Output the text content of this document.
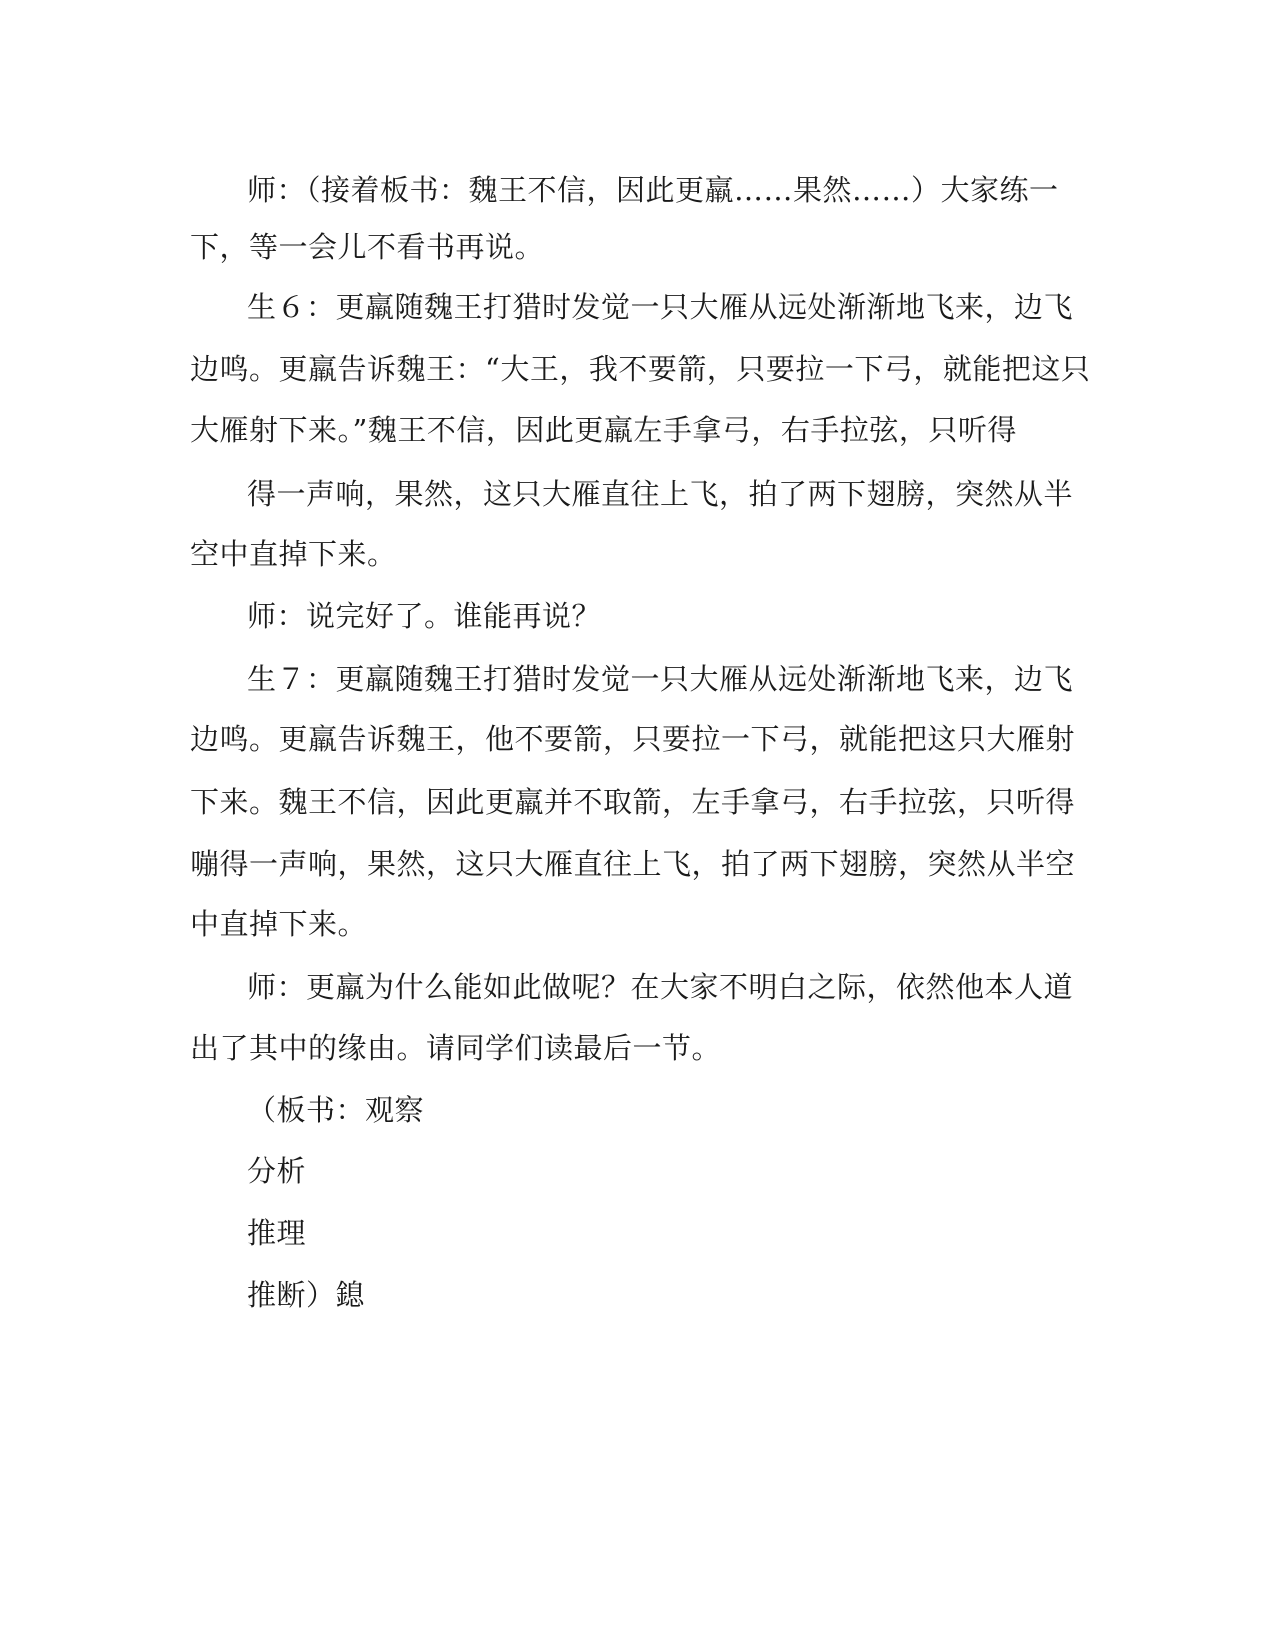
师：（接着板书：魏王不信，因此更羸……果然……）大家练一
下，等一会儿不看书再说。
生６：更羸随魏王打猎时发觉一只大雁从远处渐渐地飞来，边飞
边鸣。更羸告诉魏王：“大王，我不要箭，只要拉一下弓，就能把这只
大雁射下来。”魏王不信，因此更羸左手拿弓，右手拉弦，只听得
得一声响，果然，这只大雁直往上飞，拍了两下翅膀，突然从半
空中直掉下来。
师：说完好了。谁能再说？
生７：更羸随魏王打猎时发觉一只大雁从远处渐渐地飞来，边飞
边鸣。更羸告诉魏王，他不要箭，只要拉一下弓，就能把这只大雁射
下来。魏王不信，因此更羸并不取箭，左手拿弓，右手拉弦，只听得
嘣得一声响，果然，这只大雁直往上飞，拍了两下翅膀，突然从半空
中直掉下来。
师：更羸为什么能如此做呢？在大家不明白之际，依然他本人道
出了其中的缘由。请同学们读最后一节。
（板书：观察
分析
推理
推断）鎴
